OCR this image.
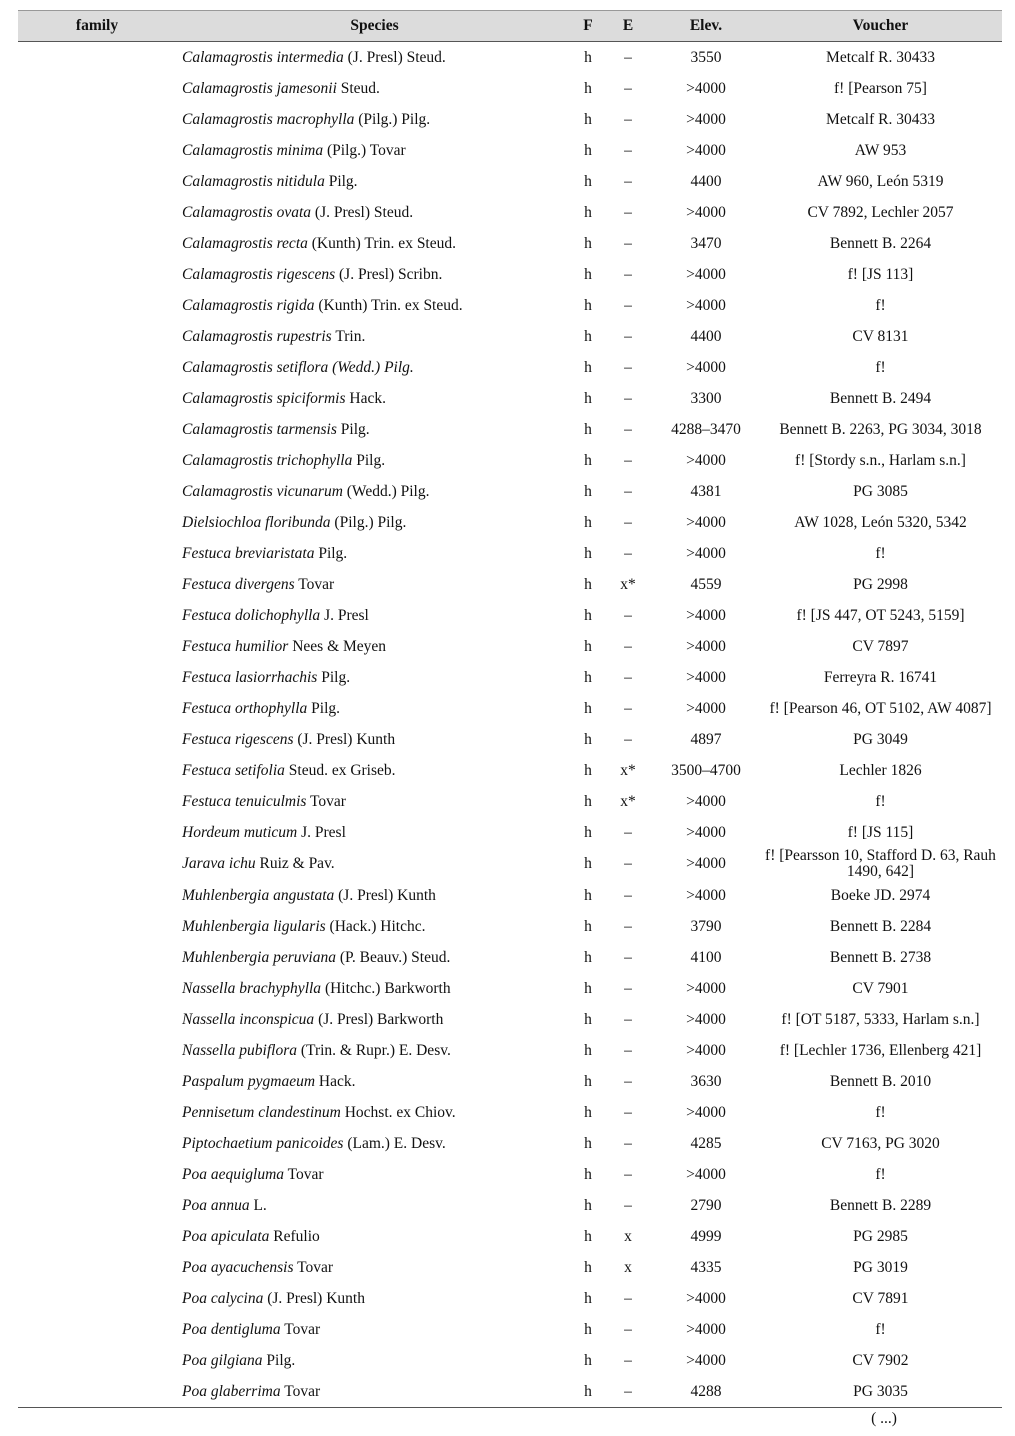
family	Species	F	E	Elev.	Voucher
	Calamagrostis intermedia (J. Presl) Steud.	h	–	3550	Metcalf R. 30433
	Calamagrostis jamesonii Steud.	h	–	>4000	f! [Pearson 75]
	Calamagrostis macrophylla (Pilg.) Pilg.	h	–	>4000	Metcalf R. 30433
	Calamagrostis minima (Pilg.) Tovar	h	–	>4000	AW 953
	Calamagrostis nitidula Pilg.	h	–	4400	AW 960, León 5319
	Calamagrostis ovata (J. Presl) Steud.	h	–	>4000	CV 7892, Lechler 2057
	Calamagrostis recta (Kunth) Trin. ex Steud.	h	–	3470	Bennett B. 2264
	Calamagrostis rigescens (J. Presl) Scribn.	h	–	>4000	f! [JS 113]
	Calamagrostis rigida (Kunth) Trin. ex Steud.	h	–	>4000	f!
	Calamagrostis rupestris Trin.	h	–	4400	CV 8131
	Calamagrostis setiflora (Wedd.) Pilg.	h	–	>4000	f!
	Calamagrostis spiciformis Hack.	h	–	3300	Bennett B. 2494
	Calamagrostis tarmensis Pilg.	h	–	4288–3470	Bennett B. 2263, PG 3034, 3018
	Calamagrostis trichophylla Pilg.	h	–	>4000	f! [Stordy s.n., Harlam s.n.]
	Calamagrostis vicunarum (Wedd.) Pilg.	h	–	4381	PG 3085
	Dielsiochloa floribunda (Pilg.) Pilg.	h	–	>4000	AW 1028, León 5320, 5342
	Festuca breviaristata Pilg.	h	–	>4000	f!
	Festuca divergens Tovar	h	x*	4559	PG 2998
	Festuca dolichophylla J. Presl	h	–	>4000	f! [JS 447, OT 5243, 5159]
	Festuca humilior Nees & Meyen	h	–	>4000	CV 7897
	Festuca lasiorrhachis Pilg.	h	–	>4000	Ferreyra R. 16741
	Festuca orthophylla Pilg.	h	–	>4000	f! [Pearson 46, OT 5102, AW 4087]
	Festuca rigescens (J. Presl) Kunth	h	–	4897	PG 3049
	Festuca setifolia Steud. ex Griseb.	h	x*	3500–4700	Lechler 1826
	Festuca tenuiculmis Tovar	h	x*	>4000	f!
	Hordeum muticum J. Presl	h	–	>4000	f! [JS 115]
	Jarava ichu Ruiz & Pav.	h	–	>4000	f! [Pearsson 10, Stafford D. 63, Rauh 1490, 642]
	Muhlenbergia angustata (J. Presl) Kunth	h	–	>4000	Boeke JD. 2974
	Muhlenbergia ligularis (Hack.) Hitchc.	h	–	3790	Bennett B. 2284
	Muhlenbergia peruviana (P. Beauv.) Steud.	h	–	4100	Bennett B. 2738
	Nassella brachyphylla (Hitchc.) Barkworth	h	–	>4000	CV 7901
	Nassella inconspicua (J. Presl) Barkworth	h	–	>4000	f! [OT 5187, 5333, Harlam s.n.]
	Nassella pubiflora (Trin. & Rupr.) E. Desv.	h	–	>4000	f! [Lechler 1736, Ellenberg 421]
	Paspalum pygmaeum Hack.	h	–	3630	Bennett B. 2010
	Pennisetum clandestinum Hochst. ex Chiov.	h	–	>4000	f!
	Piptochaetium panicoides (Lam.) E. Desv.	h	–	4285	CV 7163, PG 3020
	Poa aequigluma Tovar	h	–	>4000	f!
	Poa annua L.	h	–	2790	Bennett B. 2289
	Poa apiculata Refulio	h	x	4999	PG 2985
	Poa ayacuchensis Tovar	h	x	4335	PG 3019
	Poa calycina (J. Presl) Kunth	h	–	>4000	CV 7891
	Poa dentigluma Tovar	h	–	>4000	f!
	Poa gilgiana Pilg.	h	–	>4000	CV 7902
	Poa glaberrima Tovar	h	–	4288	PG 3035
( ...)
